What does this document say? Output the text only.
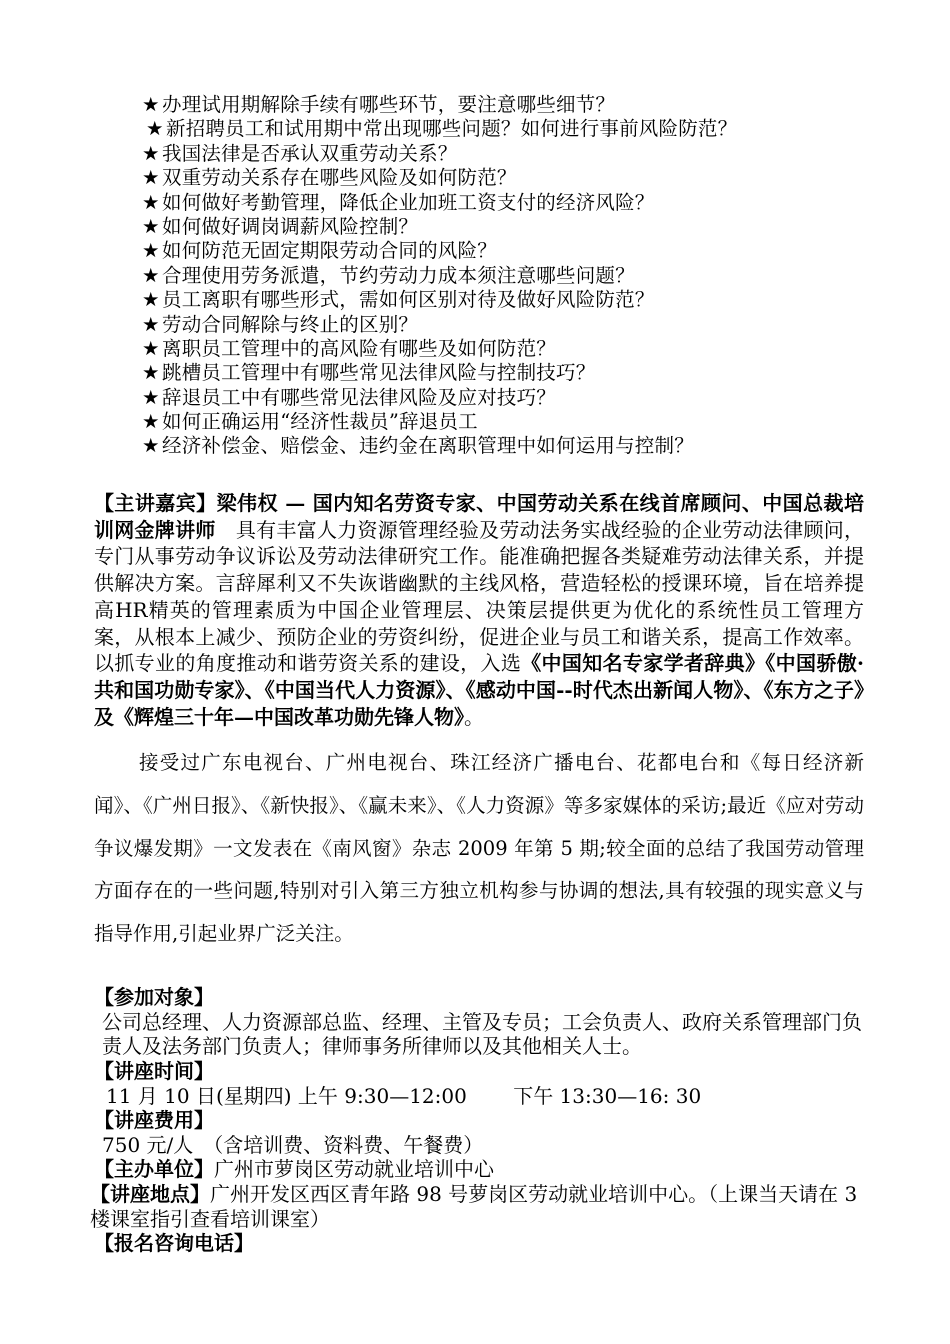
★ 办理试用期解除手续有哪些环节，要注意哪些细节？
★ 新招聘员工和试用期中常出现哪些问题？如何进行事前风险防范？
★ 我国法律是否承认双重劳动关系？
★ 双重劳动关系存在哪些风险及如何防范？
★ 如何做好考勤管理，降低企业加班工资支付的经济风险？
★ 如何做好调岗调薪风险控制？
★ 如何防范无固定期限劳动合同的风险？
★ 合理使用劳务派遣，节约劳动力成本须注意哪些问题？
★ 员工离职有哪些形式，需如何区别对待及做好风险防范？
★ 劳动合同解除与终止的区别？
★ 离职员工管理中的高风险有哪些及如何防范？
★ 跳槽员工管理中有哪些常见法律风险与控制技巧？
★ 辞退员工中有哪些常见法律风险及应对技巧？
★ 如何正确运用“经济性裁员”辞退员工
★ 经济补偿金、赔偿金、违约金在离职管理中如何运用与控制？
【主讲嘉宾】梁伟权 — 国内知名劳资专家、中国劳动关系在线首席顾问、中国总裁培训网金牌讲师　具有丰富人力资源管理经验及劳动法务实战经验的企业劳动法律顾问，专门从事劳动争议诉讼及劳动法律研究工作。能准确把握各类疑难劳动法律关系，并提供解决方案。言辞犀利又不失诙谐幽默的主线风格，营造轻松的授课环境，旨在培养提高HR精英的管理素质为中国企业管理层、决策层提供更为优化的系统性员工管理方案，从根本上减少、预防企业的劳资纠纷，促进企业与员工和谐关系，提高工作效率。以抓专业的角度推动和谐劳资关系的建设，入选《中国知名专家学者辞典》《中国骄傲·共和国功勋专家》、《中国当代人力资源》、《感动中国--时代杰出新闻人物》、《东方之子》及《辉煌三十年—中国改革功勋先锋人物》。
接受过广东电视台、广州电视台、珠江经济广播电台、花都电台和《每日经济新闻》、《广州日报》、《新快报》、《赢未来》、《人力资源》等多家媒体的采访;最近《应对劳动争议爆发期》一文发表在《南风窗》杂志 2009 年第 5 期;较全面的总结了我国劳动管理方面存在的一些问题,特别对引入第三方独立机构参与协调的想法,具有较强的现实意义与指导作用,引起业界广泛关注。
【参加对象】
公司总经理、人力资源部总监、经理、主管及专员；工会负责人、政府关系管理部门负责人及法务部门负责人；律师事务所律师以及其他相关人士。
【讲座时间】
11 月 10 日(星期四) 上午 9:30—12:00　　 下午 13:30—16: 30
【讲座费用】
750 元/人　（含培训费、资料费、午餐费）
【主办单位】广州市萝岗区劳动就业培训中心
【讲座地点】广州开发区西区青年路 98 号萝岗区劳动就业培训中心。（上课当天请在 3 楼课室指引查看培训课室）
【报名咨询电话】
